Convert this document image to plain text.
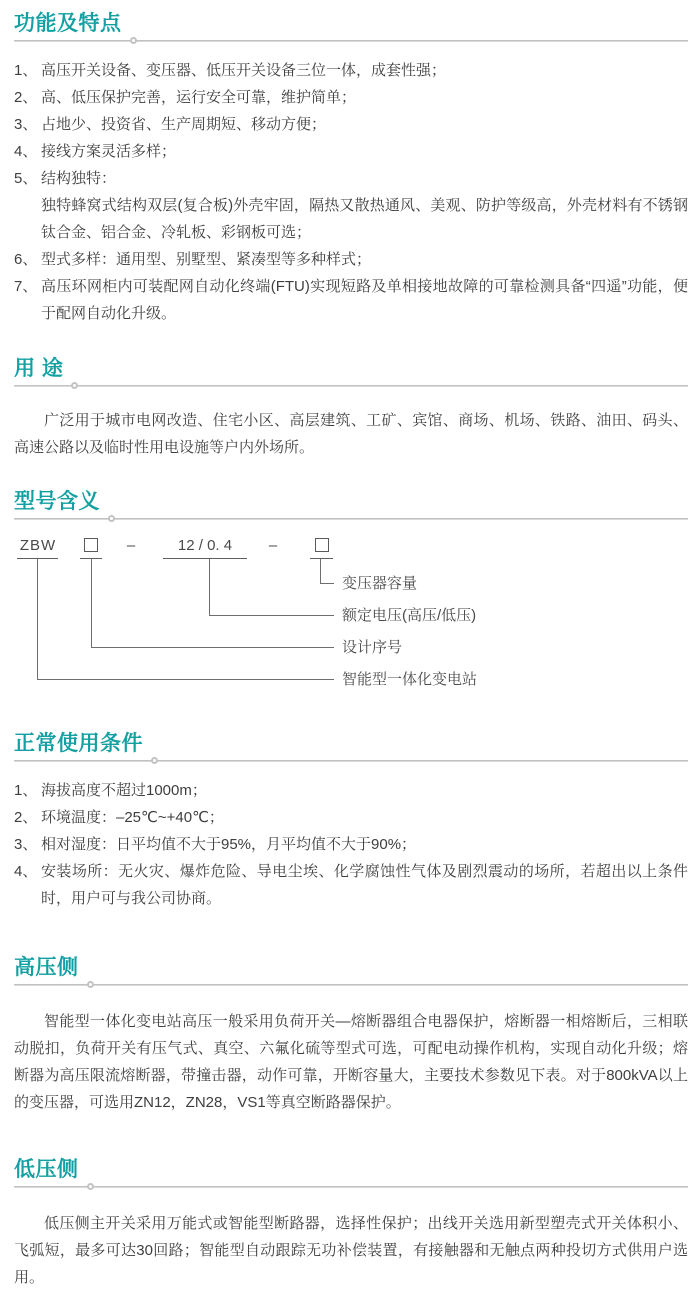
功能及特点
1、 高压开关设备、变压器、低压开关设备三位一体，成套性强；
2、 高、低压保护完善，运行安全可靠，维护简单；
3、 占地少、投资省、生产周期短、移动方便；
4、 接线方案灵活多样；
5、 结构独特：
独特蜂窝式结构双层(复合板)外壳牢固，隔热又散热通风、美观、防护等级高，外壳材料有不锈钢钛合金、铝合金、冷轧板、彩钢板可选；
6、 型式多样：通用型、别墅型、紧凑型等多种样式；
7、 高压环网柜内可装配网自动化终端(FTU)实现短路及单相接地故障的可靠检测具备“四遥”功能，便于配网自动化升级。
用 途

广泛用于城市电网改造、住宅小区、高层建筑、工矿、宾馆、商场、机场、铁路、油田、码头、高速公路以及临时性用电设施等户内外场所。

型号含义
ZBW	–	12 / 0. 4	–
变压器容量
额定电压(高压/低压)
设计序号
智能型一体化变电站
正常使用条件
1、 海拔高度不超过1000m；
2、 环境温度：–25℃~+40℃；
3、 相对湿度：日平均值不大于95%，月平均值不大于90%；
4、 安装场所：无火灾、爆炸危险、导电尘埃、化学腐蚀性气体及剧烈震动的场所，若超出以上条件时，用户可与我公司协商。
高压侧

智能型一体化变电站高压一般采用负荷开关—熔断器组合电器保护，熔断器一相熔断后，三相联动脱扣，负荷开关有压气式、真空、六氟化硫等型式可选，可配电动操作机构，实现自动化升级；熔断器为高压限流熔断器，带撞击器，动作可靠，开断容量大，主要技术参数见下表。对于800kVA以上的变压器，可选用ZN12，ZN28，VS1等真空断路器保护。

低压侧

低压侧主开关采用万能式或智能型断路器，选择性保护；出线开关选用新型塑壳式开关体积小、飞弧短，最多可达30回路；智能型自动跟踪无功补偿装置，有接触器和无触点两种投切方式供用户选用。
